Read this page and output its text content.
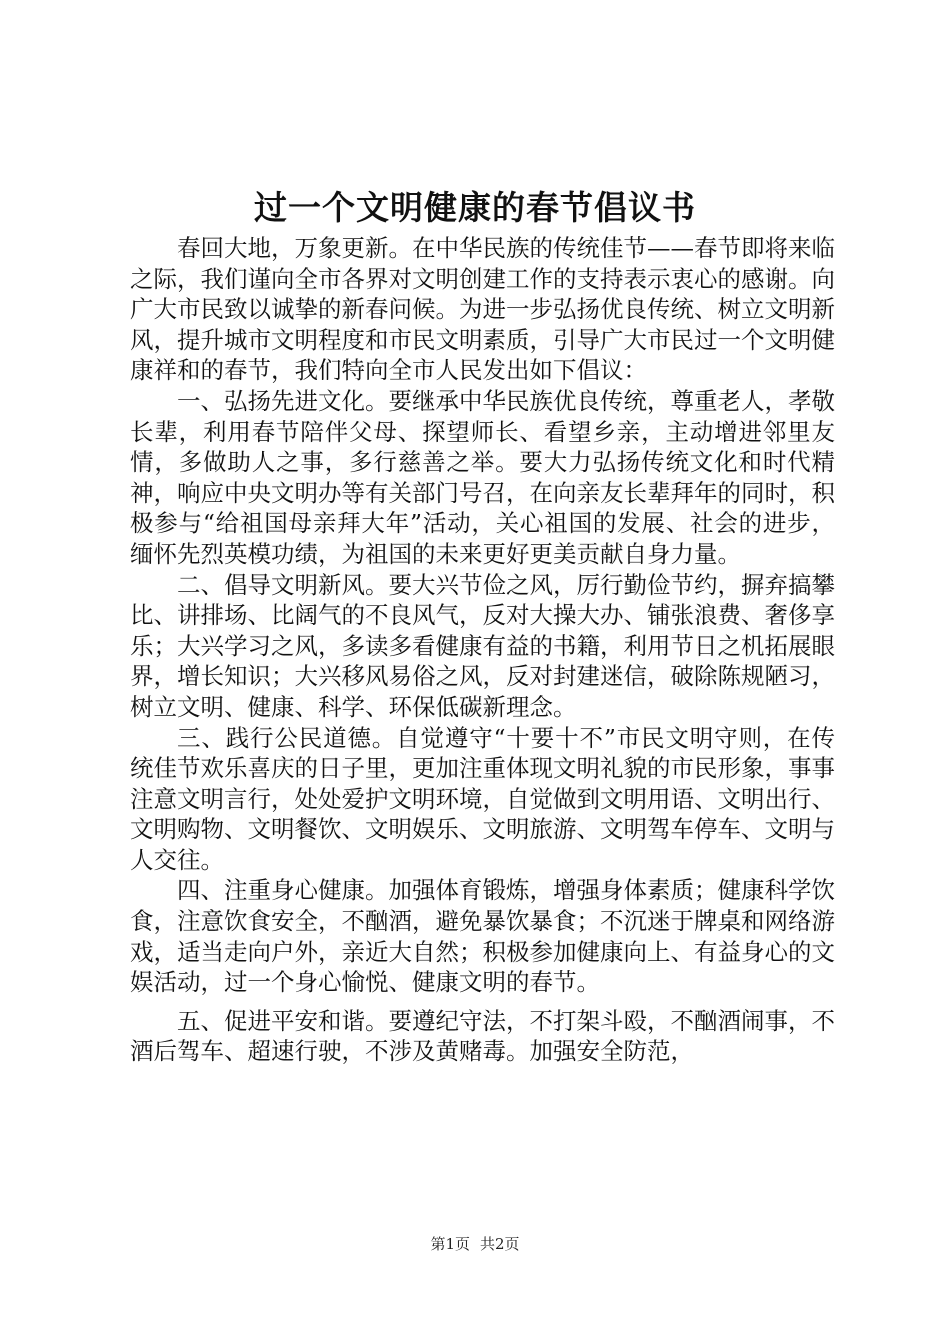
过一个文明健康的春节倡议书

春回大地，万象更新。在中华民族的传统佳节——春节即将来临之际，我们谨向全市各界对文明创建工作的支持表示衷心的感谢。向广大市民致以诚挚的新春问候。为进一步弘扬优良传统、树立文明新风，提升城市文明程度和市民文明素质，引导广大市民过一个文明健康祥和的春节，我们特向全市人民发出如下倡议：

一、弘扬先进文化。要继承中华民族优良传统，尊重老人，孝敬长辈，利用春节陪伴父母、探望师长、看望乡亲，主动增进邻里友情，多做助人之事，多行慈善之举。要大力弘扬传统文化和时代精神，响应中央文明办等有关部门号召，在向亲友长辈拜年的同时，积极参与“给祖国母亲拜大年”活动，关心祖国的发展、社会的进步，缅怀先烈英模功绩，为祖国的未来更好更美贡献自身力量。

二、倡导文明新风。要大兴节俭之风，厉行勤俭节约，摒弃搞攀比、讲排场、比阔气的不良风气，反对大操大办、铺张浪费、奢侈享乐；大兴学习之风，多读多看健康有益的书籍，利用节日之机拓展眼界，增长知识；大兴移风易俗之风，反对封建迷信，破除陈规陋习，树立文明、健康、科学、环保低碳新理念。

三、践行公民道德。自觉遵守“十要十不”市民文明守则，在传统佳节欢乐喜庆的日子里，更加注重体现文明礼貌的市民形象，事事注意文明言行，处处爱护文明环境，自觉做到文明用语、文明出行、文明购物、文明餐饮、文明娱乐、文明旅游、文明驾车停车、文明与人交往。

四、注重身心健康。加强体育锻炼，增强身体素质；健康科学饮食，注意饮食安全，不酗酒，避免暴饮暴食；不沉迷于牌桌和网络游戏，适当走向户外，亲近大自然；积极参加健康向上、有益身心的文娱活动，过一个身心愉悦、健康文明的春节。

五、促进平安和谐。要遵纪守法，不打架斗殴，不酗酒闹事，不酒后驾车、超速行驶，不涉及黄赌毒。加强安全防范，

第1页 共2页
